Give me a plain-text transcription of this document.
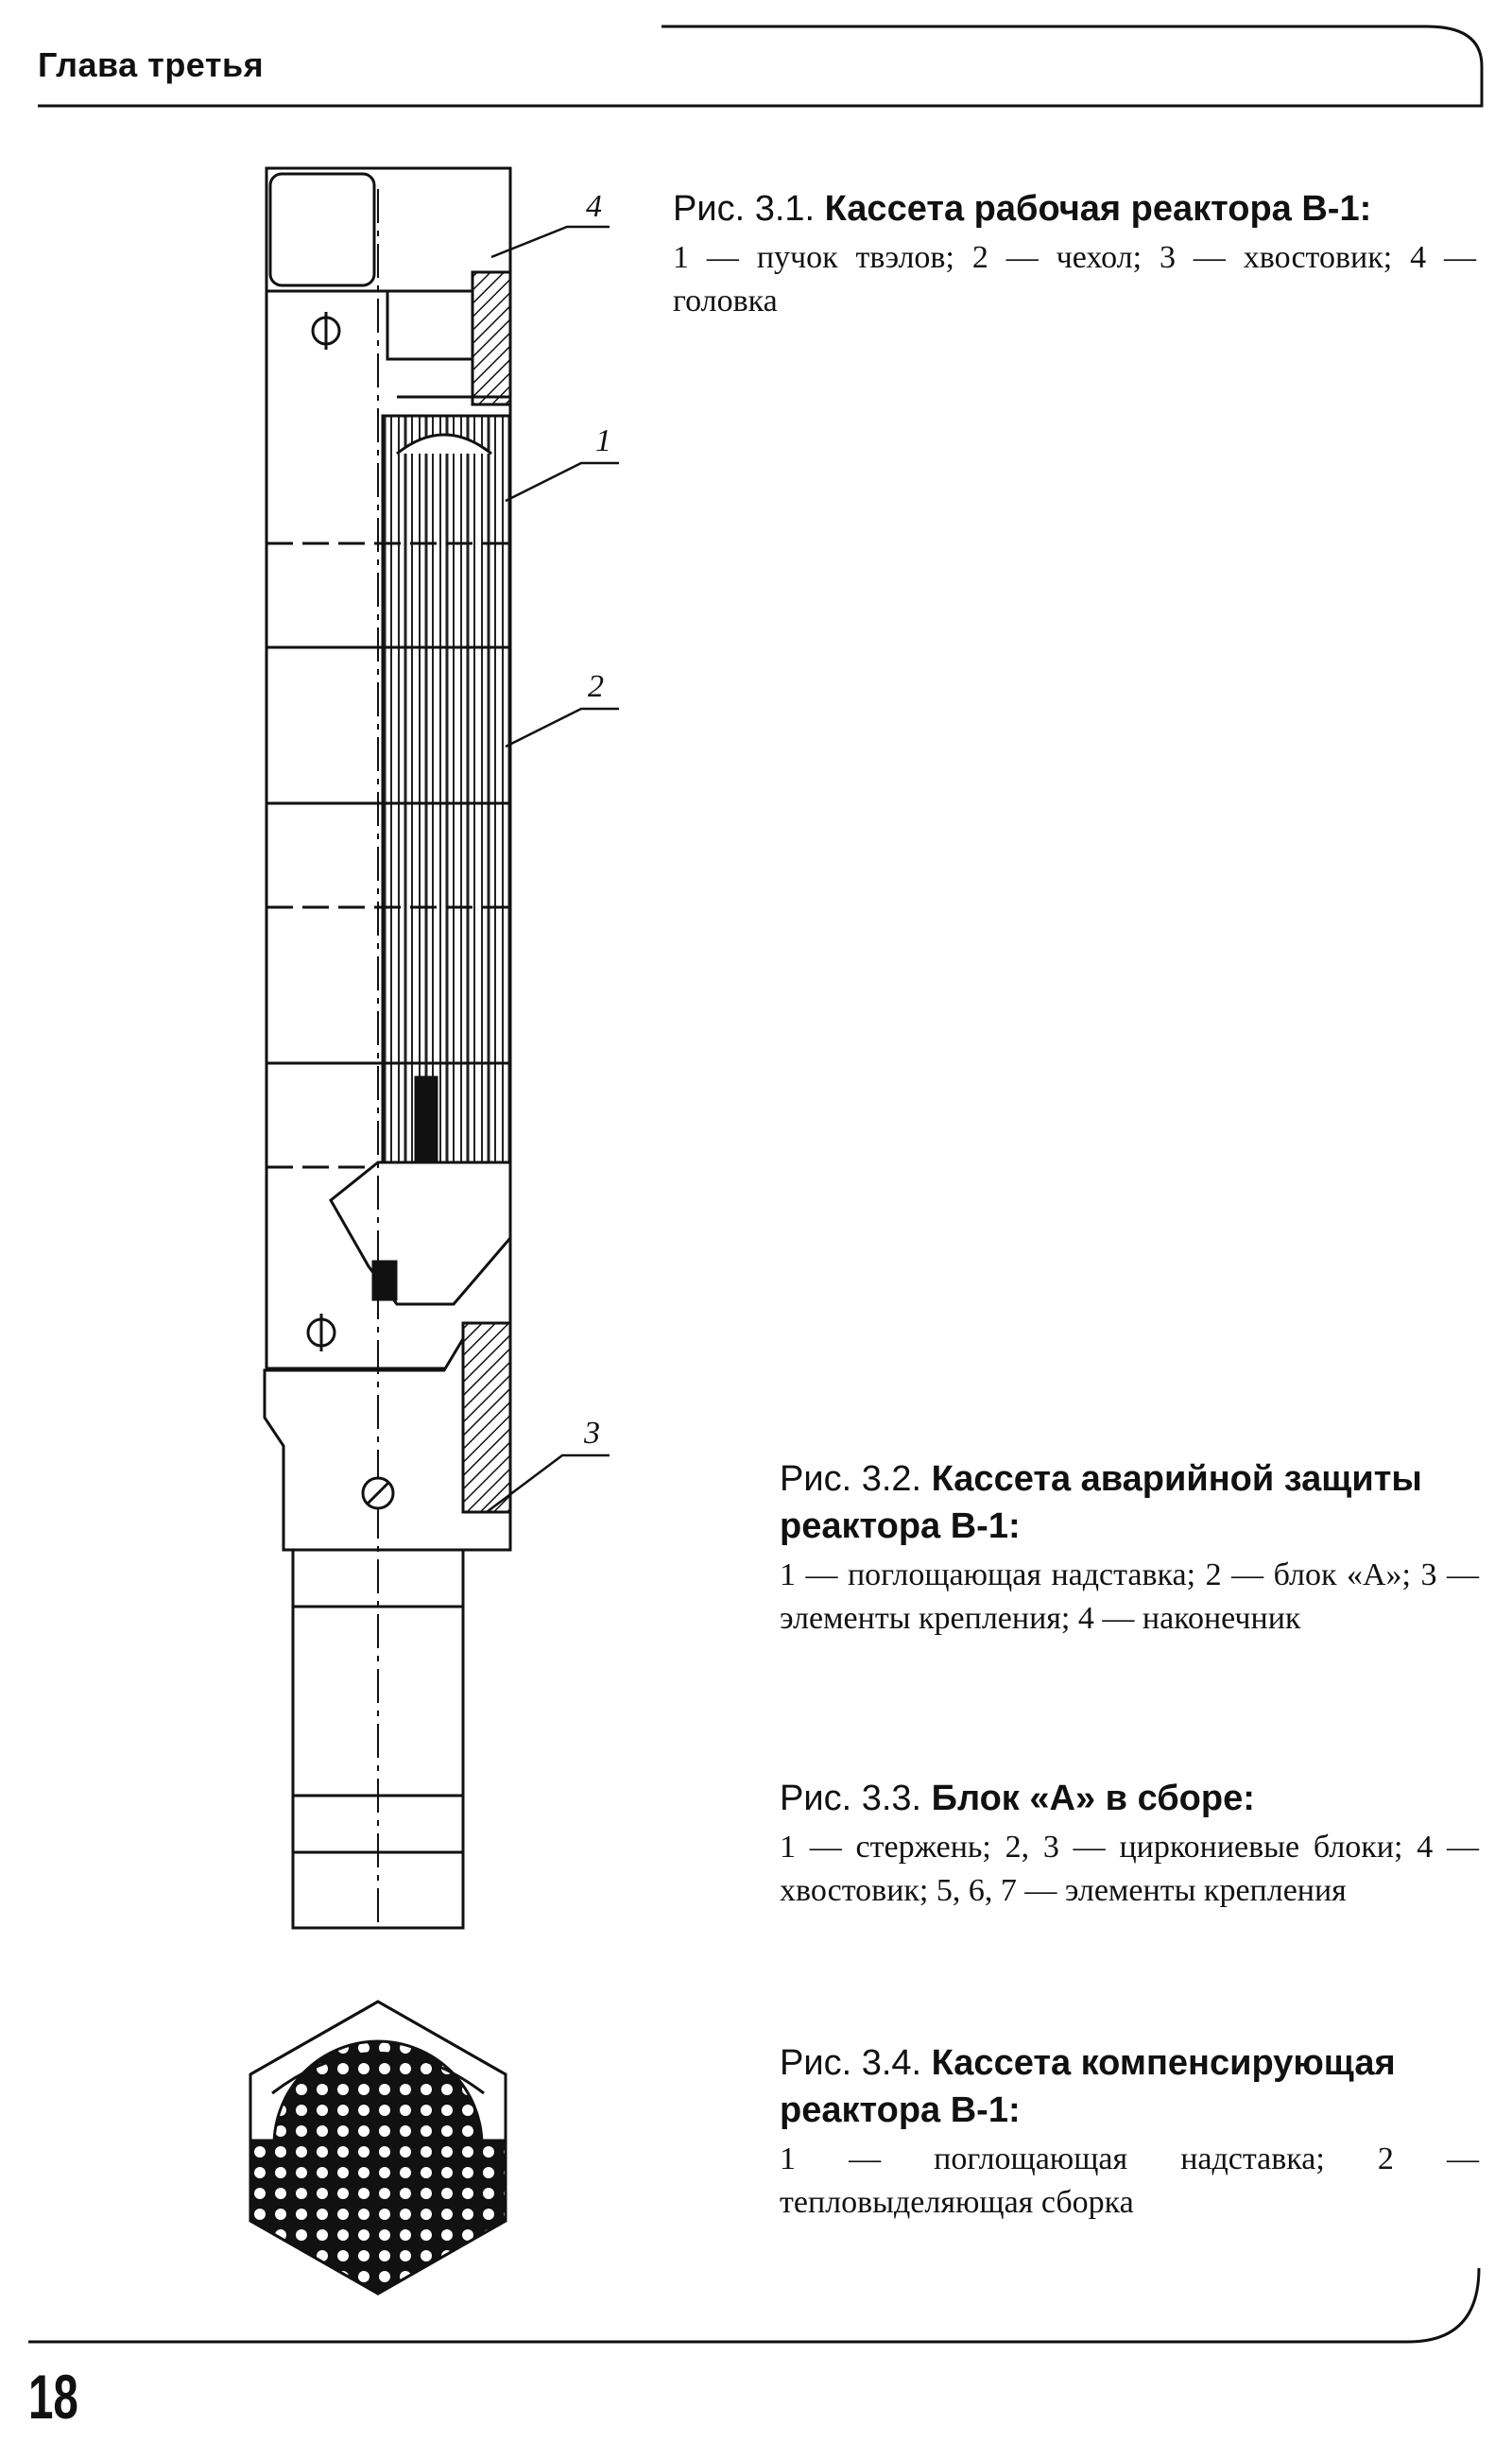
Глава третья
4
1
2
3

Рис. 3.1. Кассета рабочая реактора В-1:

1 — пучок твэлов; 2 — чехол; 3 — хвостовик; 4 — головка

Рис. 3.2. Кассета аварийной защиты реактора В-1:

1 — поглощающая надставка; 2 — блок «А»; 3 — элементы крепления; 4 — наконечник

Рис. 3.3. Блок «А» в сборе:

1 — стержень; 2, 3 — циркониевые блоки; 4 — хвостовик; 5, 6, 7 — элементы крепления

Рис. 3.4. Кассета компенсирующая реактора В-1:

1 — поглощающая надставка; 2 — тепловыделяющая сборка

18
